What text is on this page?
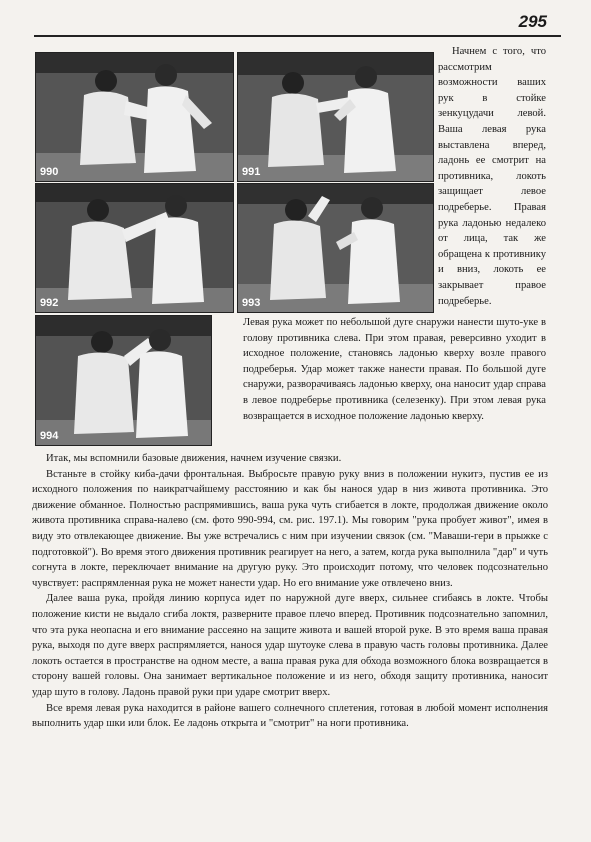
295
990	991
992	993
994

Начнем с того, что рассмотрим возможности ваших рук в стойке зенкуцудачи левой. Ваша левая рука выставлена вперед, ладонь ее смотрит на противника, локоть защищает левое подреберье. Правая рука ладонью недалеко от лица, так же обращена к противнику и вниз, локоть ее закрывает правое подреберье.

Левая рука может по небольшой дуге снаружи нанести шуто-уке в голову противника слева. При этом правая, реверсивно уходит в исходное положение, становясь ладонью кверху возле правого подреберья. Удар может также нанести правая. По большой дуге снаружи, разворачиваясь ладонью кверху, она наносит удар справа в левое подреберье противника (селезенку). При этом левая рука возвращается в исходное положение ладонью кверху.

Итак, мы вспомнили базовые движения, начнем изучение связки.

Встаньте в стойку киба-дачи фронтальная. Выбросьте правую руку вниз в положении нукитэ, пустив ее из исходного положения по наикратчайшему расстоянию и как бы нанося удар в низ живота противника. Это движение обманное. Полностью распрямившись, ваша рука чуть сгибается в локте, продолжая движение около живота противника справа-налево (см. фото 990-994, см. рис. 197.1). Мы говорим "рука пробует живот", имея в виду это отвлекающее движение. Вы уже встречались с ним при изучении связок (см. "Маваши-гери в прыжке с подготовкой"). Во время этого движения противник реагирует на него, а затем, когда рука выполнила "дар" и чуть согнута в локте, переключает внимание на другую руку. Это происходит потому, что человек подсознательно чувствует: распрямленная рука не может нанести удар. Но его внимание уже отвлечено вниз.

Далее ваша рука, пройдя линию корпуса идет по наружной дуге вверх, сильнее сгибаясь в локте. Чтобы положение кисти не выдало сгиба локтя, разверните правое плечо вперед. Противник подсознательно запомнил, что эта рука неопасна и его внимание рассеяно на защите живота и вашей второй руке. В это время ваша правая рука, выходя по дуге вверх распрямляется, нанося удар шутоуке слева в правую часть головы противника. Далее локоть остается в пространстве на одном месте, а ваша правая рука для обхода возможного блока возвращается в сторону вашей головы. Она занимает вертикальное положение и из него, обходя защиту противника, наносит удар шуто в голову. Ладонь правой руки при ударе смотрит вверх.

Все время левая рука находится в районе вашего солнечного сплетения, готовая в любой момент исполнения выполнить удар шки или блок. Ее ладонь открыта и "смотрит" на ноги противника.
